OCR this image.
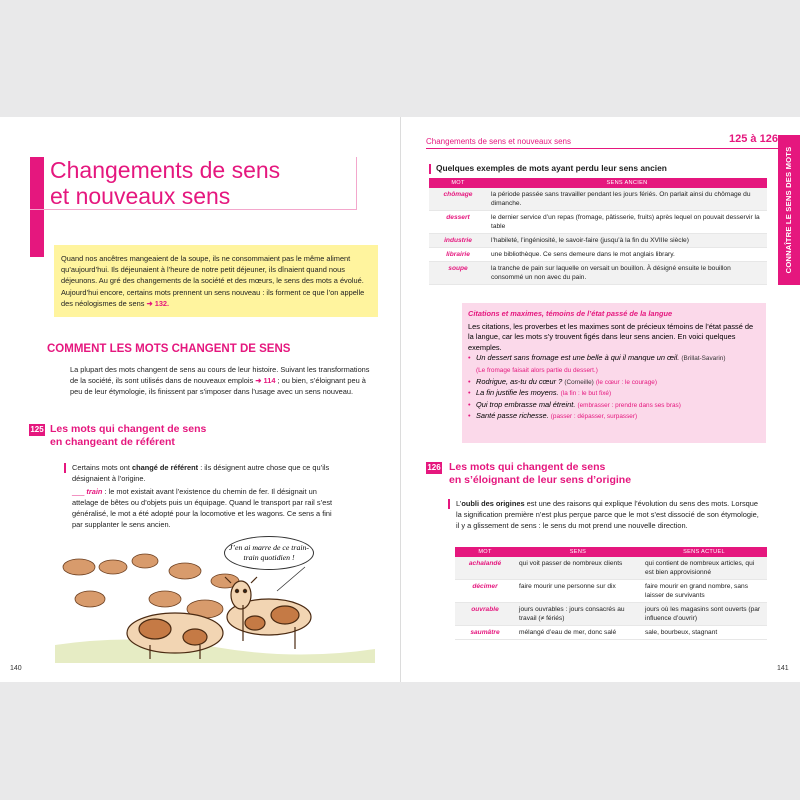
Changements de sens
et nouveaux sens
Quand nos ancêtres mangeaient de la soupe, ils ne consommaient pas le même aliment qu’aujourd’hui. Ils déjeunaient à l’heure de notre petit déjeuner, ils dînaient quand nous déjeunons. Au gré des changements de la société et des mœurs, le sens des mots a évolué. Aujourd’hui encore, certains mots prennent un sens nouveau : ils forment ce que l’on appelle des néologismes de sens ➜ 132.
COMMENT LES MOTS CHANGENT DE SENS
La plupart des mots changent de sens au cours de leur histoire. Suivant les transformations de la société, ils sont utilisés dans de nouveaux emplois ➜ 114 ; ou bien, s’éloignant peu à peu de leur étymologie, ils finissent par s’imposer dans l’usage avec un sens nouveau.
125 Les mots qui changent de sens
en changeant de référent
Certains mots ont changé de référent : ils désignent autre chose que ce qu’ils désignaient à l’origine.
___ train : le mot existait avant l’existence du chemin de fer. Il désignait un attelage de bêtes ou d’objets puis un équipage. Quand le transport par rail s’est généralisé, le mot a été adopté pour la locomotive et les wagons. Ce sens a fini par supplanter le sens ancien.
J’en ai marre de ce train-train quotidien !
140
Changements de sens et nouveaux sens	125 à 126
CONNAÎTRE LE SENS DES MOTS
Quelques exemples de mots ayant perdu leur sens ancien
MOT	SENS ANCIEN
chômage	la période passée sans travailler pendant les jours fériés. On parlait ainsi du chômage du dimanche.
dessert	le dernier service d’un repas (fromage, pâtisserie, fruits) après lequel on pouvait desservir la table
industrie	l’habileté, l’ingéniosité, le savoir-faire (jusqu’à la fin du XVIIIe siècle)
librairie	une bibliothèque. Ce sens demeure dans le mot anglais library.
soupe	la tranche de pain sur laquelle on versait un bouillon. À désigné ensuite le bouillon consommé un non avec du pain.
Citations et maximes, témoins de l’état passé de la langue
Les citations, les proverbes et les maximes sont de précieux témoins de l’état passé de la langue, car les mots s’y trouvent figés dans leur sens ancien. En voici quelques exemples.
• Un dessert sans fromage est une belle à qui il manque un œil. (Brillat-Savarin)
(Le fromage faisait alors partie du dessert.)
• Rodrigue, as-tu du cœur ? (Corneille) (le cœur : le courage)
• La fin justifie les moyens. (la fin : le but fixé)
• Qui trop embrasse mal étreint. (embrasser : prendre dans ses bras)
• Santé passe richesse. (passer : dépasser, surpasser)
126 Les mots qui changent de sens
en s’éloignant de leur sens d’origine
L’oubli des origines est une des raisons qui explique l’évolution du sens des mots. Lorsque la signification première n’est plus perçue parce que le mot s’est dissocié de son étymologie, il y a glissement de sens : le sens du mot prend une nouvelle direction.
MOT	SENS	SENS ACTUEL
achalandé	qui voit passer de nombreux clients	qui contient de nombreux articles, qui est bien approvisionné
décimer	faire mourir une personne sur dix	faire mourir en grand nombre, sans laisser de survivants
ouvrable	jours ouvrables : jours consacrés au travail (≠ fériés)	jours où les magasins sont ouverts (par influence d’ouvrir)
saumâtre	mélangé d’eau de mer, donc salé	sale, bourbeux, stagnant
141
